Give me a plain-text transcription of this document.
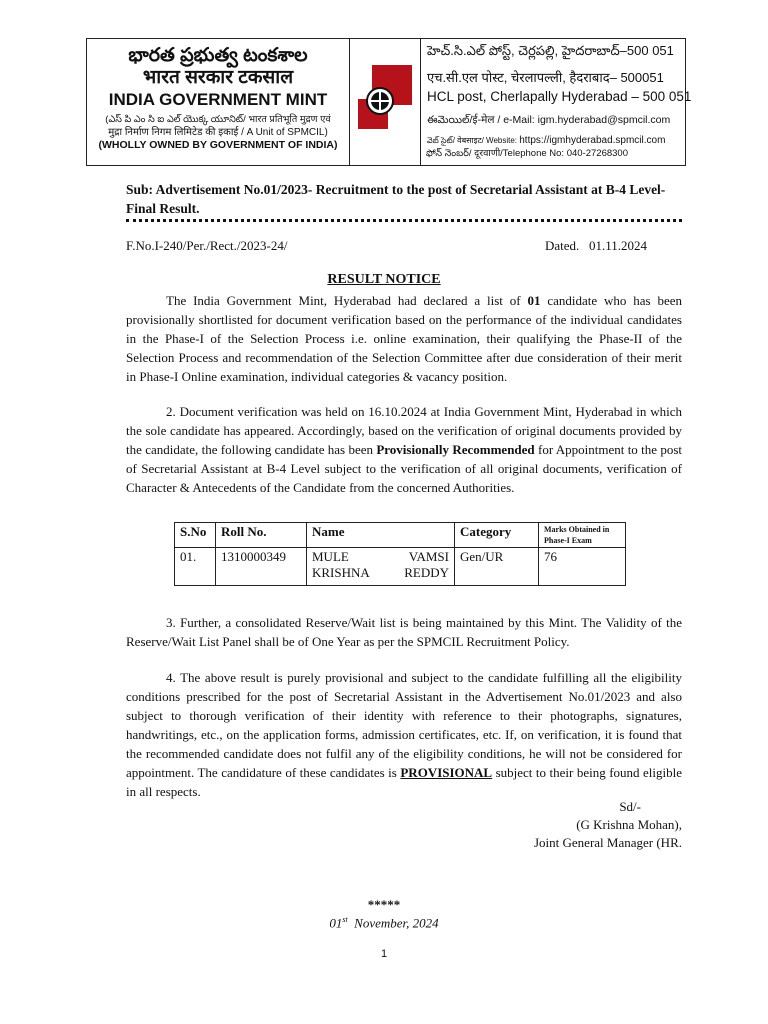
భారత ప్రభుత్వ టంకశాల
भारत सरकार टकसाल
INDIA GOVERNMENT MINT
(ఎస్ పి ఎం సి ఐ ఎల్ యొక్క యూనిట్/ भारत प्रतिभूति मुद्रण एवं
मुद्रा निर्माण निगम लिमिटेड की इकाई / A Unit of SPMCIL)
(WHOLLY OWNED BY GOVERNMENT OF INDIA)
హెచ్.సి.ఎల్ పోస్ట్, చెర్లపల్లి, హైదరాబాద్–500 051
एच.सी.एल पोस्ट, चेरलापल्ली, हैदराबाद– 500051
HCL post, Cherlapally Hyderabad – 500 051
ఈమెయిల్/ई-मेल / e-Mail: igm.hyderabad@spmcil.com
వెబ్ సైట్/ वेबसाइट/ Website: https://igmhyderabad.spmcil.com
ఫోన్ నెంబర్/ दूरवाणी/Telephone No: 040-27268300
Sub: Advertisement No.01/2023- Recruitment to the post of Secretarial Assistant at B-4 Level- Final Result.
F.No.I-240/Per./Rect./2023-24/	Dated.   01.11.2024
RESULT NOTICE
The India Government Mint, Hyderabad had declared a list of 01 candidate who has been provisionally shortlisted for document verification based on the performance of the individual candidates in the Phase-I of the Selection Process i.e. online examination, their qualifying the Phase-II of the Selection Process and recommendation of the Selection Committee after due consideration of their merit in Phase-I Online examination, individual categories & vacancy position.
2. Document verification was held on 16.10.2024 at India Government Mint, Hyderabad in which the sole candidate has appeared. Accordingly, based on the verification of original documents provided by the candidate, the following candidate has been Provisionally Recommended for Appointment to the post of Secretarial Assistant at B-4 Level subject to the verification of all original documents, verification of Character & Antecedents of the Candidate from the concerned Authorities.
S.No	Roll No.	Name	Category	Marks Obtained in Phase-I Exam
01.	1310000349	MULE VAMSI KRISHNA REDDY	Gen/UR	76
3. Further, a consolidated Reserve/Wait list is being maintained by this Mint. The Validity of the Reserve/Wait List Panel shall be of One Year as per the SPMCIL Recruitment Policy.
4. The above result is purely provisional and subject to the candidate fulfilling all the eligibility conditions prescribed for the post of Secretarial Assistant in the Advertisement No.01/2023 and also subject to thorough verification of their identity with reference to their photographs, signatures, handwritings, etc., on the application forms, admission certificates, etc. If, on verification, it is found that the recommended candidate does not fulfil any of the eligibility conditions, he will not be considered for appointment. The candidature of these candidates is PROVISIONAL subject to their being found eligible in all respects.
Sd/-
(G Krishna Mohan),
Joint General Manager (HR.
*****
01st  November, 2024
1
